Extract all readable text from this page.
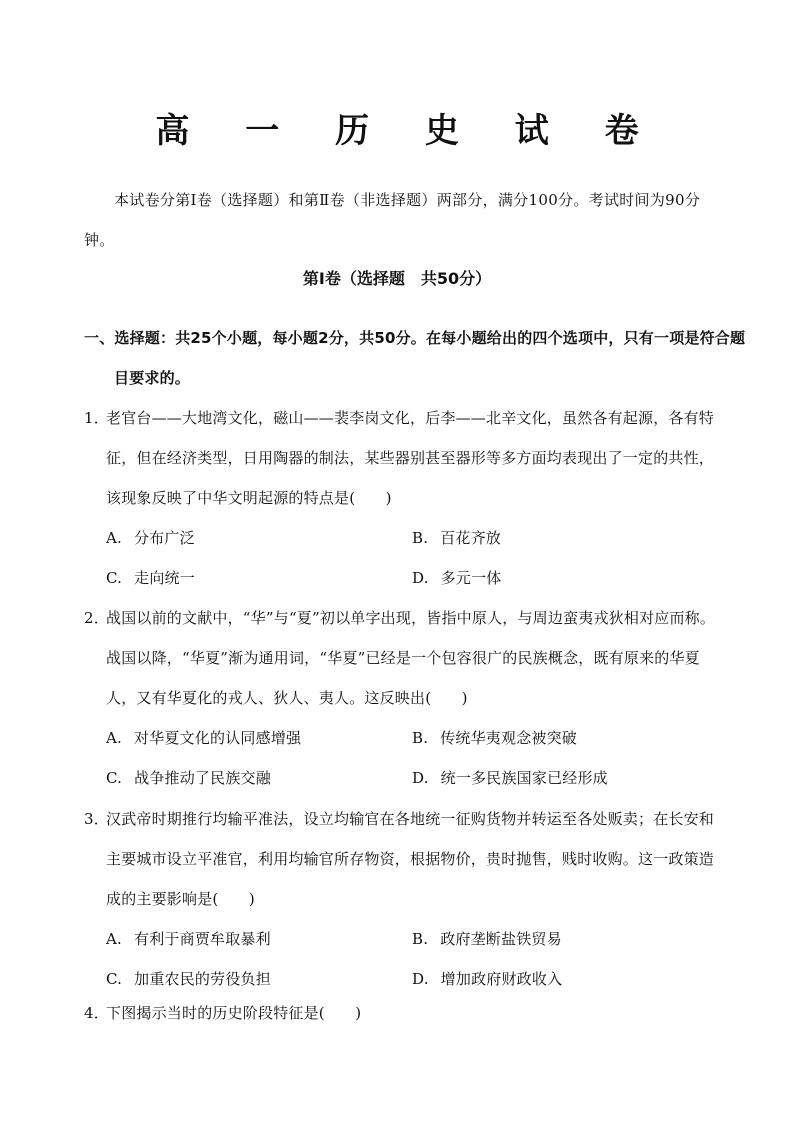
高 一 历 史 试 卷
本试卷分第Ⅰ卷（选择题）和第Ⅱ卷（非选择题）两部分，满分100分。考试时间为90分钟。
第Ⅰ卷（选择题　共50分）
一、选择题：共25个小题，每小题2分，共50分。在每小题给出的四个选项中，只有一项是符合题目要求的。
1．老官台——大地湾文化，磁山——裴李岗文化，后李——北辛文化，虽然各有起源，各有特征，但在经济类型，日用陶器的制法，某些器别甚至器形等多方面均表现出了一定的共性，该现象反映了中华文明起源的特点是(　　)
A. 分布广泛	B. 百花齐放
C. 走向统一	D. 多元一体
2．战国以前的文献中，“华”与“夏”初以单字出现，皆指中原人，与周边蛮夷戎狄相对应而称。战国以降，“华夏”渐为通用词，“华夏”已经是一个包容很广的民族概念，既有原来的华夏人，又有华夏化的戎人、狄人、夷人。这反映出(　　)
A. 对华夏文化的认同感增强	B. 传统华夷观念被突破
C. 战争推动了民族交融	D. 统一多民族国家已经形成
3．汉武帝时期推行均输平准法，设立均输官在各地统一征购货物并转运至各处贩卖；在长安和主要城市设立平准官，利用均输官所存物资，根据物价，贵时抛售，贱时收购。这一政策造成的主要影响是(　　)
A. 有利于商贾牟取暴利	B. 政府垄断盐铁贸易
C. 加重农民的劳役负担	D. 增加政府财政收入
4．下图揭示当时的历史阶段特征是(　　)
